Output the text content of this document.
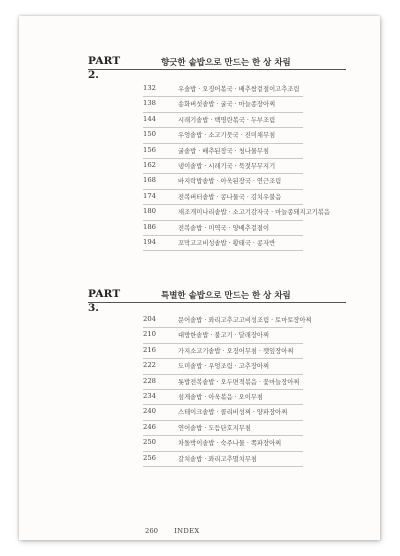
PART
2.
향긋한 솥밥으로 만드는 한 상 차림
132	우솔밥 · 오징어볶국 · 배추쌈겉절이고추조림
138	송화버섯솥밥 · 굴국 · 마늘종장아찌
144	시래기솥밥 · 백명란볶국 · 두부조림
150	우엉솥밥 · 소고기뭇국 · 진미채무침
156	굴솥밥 · 배추된장국 · 청나물무침
162	냉이솥밥 · 시래기국 · 묵젓무무지기
168	바지락밥솥밥 · 아욱된장국 · 연근조림
174	전복버터솥밥 · 콩나물국 · 김치우불음
180	새조개미나리솥밥 · 소고기감자국 · 마늘종돼지고기볶음
186	전복솥밥 · 미역국 · 양배추겉절이
194	꼬막고고비성솥밥 · 황태국 · 콩자반
PART
3.
특별한 솥밥으로 만드는 한 상 차림
204	문어솥밥 · 꽈리고추고고비성조림 · 토마토장아찌
210	대방한솥밥 · 불고기 · 달래장아찌
216	가지소고기솥밥 · 오징어무침 · 깻잎장아찌
222	도미솥밥 · 우엉조림 · 고추장아찌
228	톳밥전복솥밥 · 오두면적볶음 · 꽃마늘장아찌
234	섬게솥밥 · 아욱볶음 · 오이무침
240	스테이크솥밥 · 콜리비성찌 · 양파장아찌
246	연어솥밥 · 도듬단호지무침
250	차돌박이솥밥 · 숙주나물 · 쪽파장아찌
256	갈치솥밥 · 꽈리고추멸치무침
260 INDEX
